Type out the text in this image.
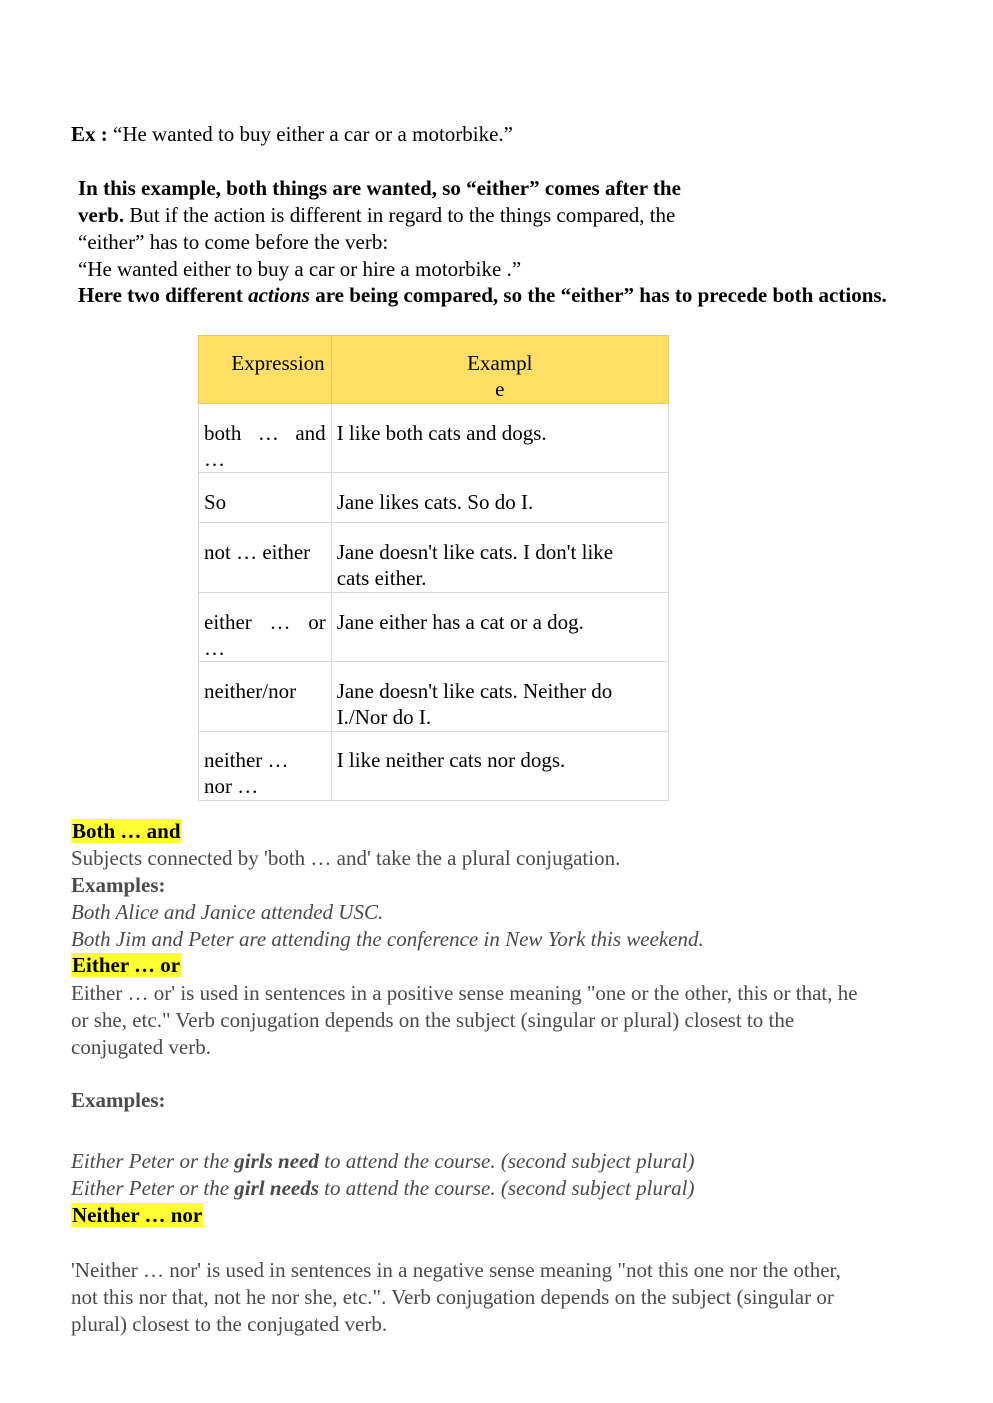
Ex : “He wanted to buy either a car or a motorbike.”
In this example, both things are wanted, so “either” comes after the
verb. But if the action is different in regard to the things compared, the
“either” has to come before the verb:
“He wanted either to buy a car or hire a motorbike .”
Here two different actions are being compared, so the “either” has to precede both actions.
Expression	Exampl
e

both … and
…	I like both cats and dogs.

So	Jane likes cats. So do I.

not … either	Jane doesn't like cats. I don't like
cats either.

either … or
…	Jane either has a cat or a dog.

neither/nor	Jane doesn't like cats. Neither do
I./Nor do I.

neither …
nor …	I like neither cats nor dogs.
Both … and
Subjects connected by 'both … and' take the a plural conjugation.
Examples:
Both Alice and Janice attended USC.
Both Jim and Peter are attending the conference in New York this weekend.
Either … or
Either … or' is used in sentences in a positive sense meaning "one or the other, this or that, he
or she, etc." Verb conjugation depends on the subject (singular or plural) closest to the
conjugated verb.
Examples:
Either Peter or the girls need to attend the course. (second subject plural)
Either Peter or the girl needs to attend the course. (second subject plural)
Neither … nor
'Neither … nor' is used in sentences in a negative sense meaning "not this one nor the other,
not this nor that, not he nor she, etc.". Verb conjugation depends on the subject (singular or
plural) closest to the conjugated verb.
